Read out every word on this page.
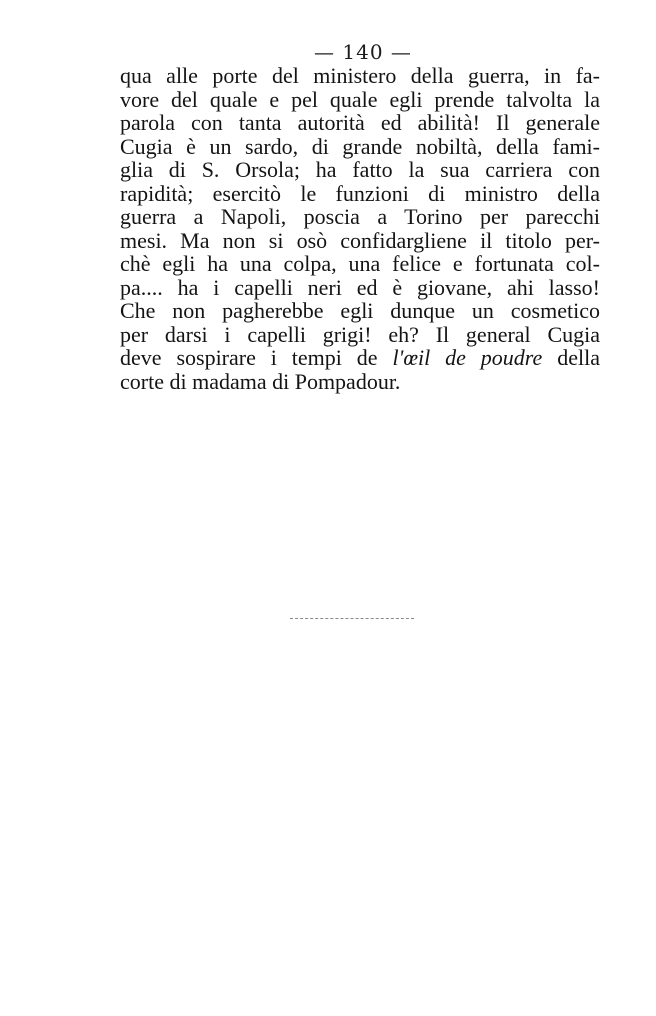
— 140 —
qua alle porte del ministero della guerra, in fa-
vore del quale e pel quale egli prende talvolta la
parola con tanta autorità ed abilità! Il generale
Cugia è un sardo, di grande nobiltà, della fami-
glia di S. Orsola; ha fatto la sua carriera con
rapidità; esercitò le funzioni di ministro della
guerra a Napoli, poscia a Torino per parecchi
mesi. Ma non si osò confidargliene il titolo per-
chè egli ha una colpa, una felice e fortunata col-
pa.... ha i capelli neri ed è giovane, ahi lasso!
Che non pagherebbe egli dunque un cosmetico
per darsi i capelli grigi! eh? Il general Cugia
deve sospirare i tempi de l'œil de poudre della
corte di madama di Pompadour.
